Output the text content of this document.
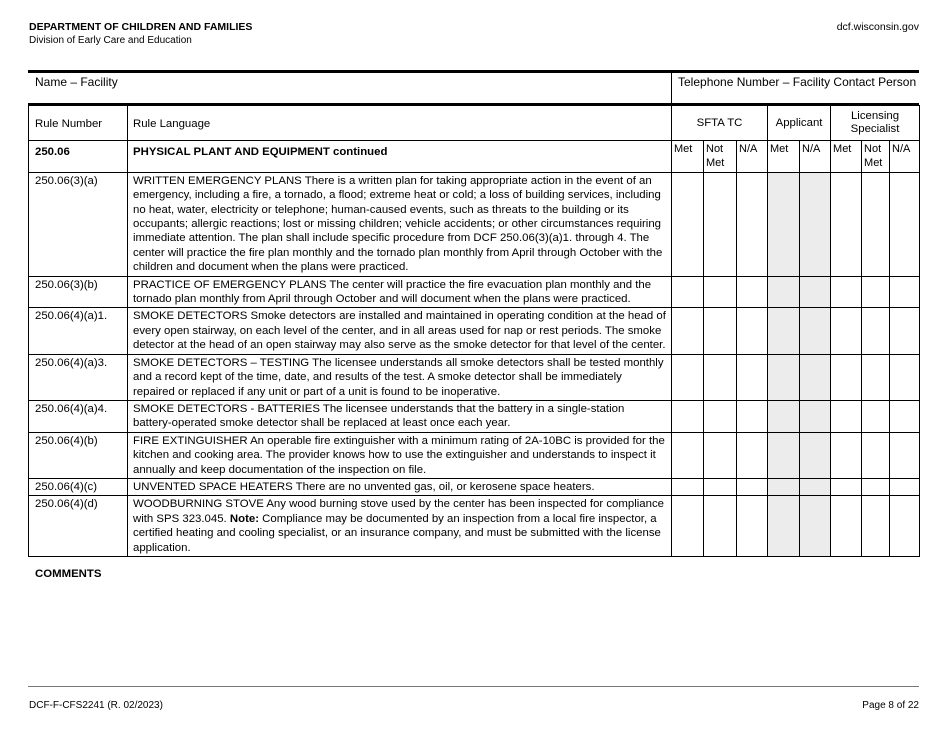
DEPARTMENT OF CHILDREN AND FAMILIES
Division of Early Care and Education
dcf.wisconsin.gov
Name – Facility	Telephone Number – Facility Contact Person
Rule Number	Rule Language	SFTA TC			Applicant		Licensing Specialist		
250.06	PHYSICAL PLANT AND EQUIPMENT continued	Met	Not Met	N/A	Met	N/A	Met	Not Met	N/A
250.06(3)(a)	WRITTEN EMERGENCY PLANS There is a written plan for taking appropriate action in the event of an emergency, including a fire, a tornado, a flood; extreme heat or cold; a loss of building services, including no heat, water, electricity or telephone; human-caused events, such as threats to the building or its occupants; allergic reactions; lost or missing children; vehicle accidents; or other circumstances requiring immediate attention. The plan shall include specific procedure from DCF 250.06(3)(a)1. through 4. The center will practice the fire plan monthly and the tornado plan monthly from April through October with the children and document when the plans were practiced.								
250.06(3)(b)	PRACTICE OF EMERGENCY PLANS The center will practice the fire evacuation plan monthly and the tornado plan monthly from April through October and will document when the plans were practiced.								
250.06(4)(a)1.	SMOKE DETECTORS Smoke detectors are installed and maintained in operating condition at the head of every open stairway, on each level of the center, and in all areas used for nap or rest periods. The smoke detector at the head of an open stairway may also serve as the smoke detector for that level of the center.								
250.06(4)(a)3.	SMOKE DETECTORS – TESTING The licensee understands all smoke detectors shall be tested monthly and a record kept of the time, date, and results of the test. A smoke detector shall be immediately repaired or replaced if any unit or part of a unit is found to be inoperative.								
250.06(4)(a)4.	SMOKE DETECTORS - BATTERIES The licensee understands that the battery in a single-station battery-operated smoke detector shall be replaced at least once each year.								
250.06(4)(b)	FIRE EXTINGUISHER An operable fire extinguisher with a minimum rating of 2A-10BC is provided for the kitchen and cooking area. The provider knows how to use the extinguisher and understands to inspect it annually and keep documentation of the inspection on file.								
250.06(4)(c)	UNVENTED SPACE HEATERS There are no unvented gas, oil, or kerosene space heaters.								
250.06(4)(d)	WOODBURNING STOVE Any wood burning stove used by the center has been inspected for compliance with SPS 323.045. Note: Compliance may be documented by an inspection from a local fire inspector, a certified heating and cooling specialist, or an insurance company, and must be submitted with the license application.								
COMMENTS
DCF-F-CFS2241 (R. 02/2023)	Page 8 of 22
